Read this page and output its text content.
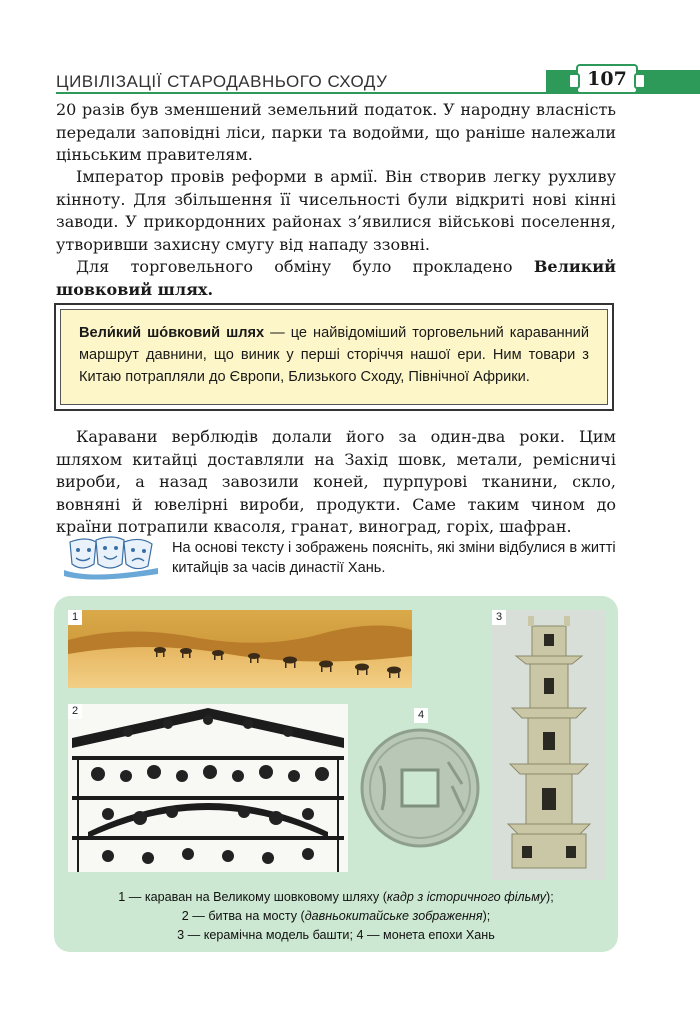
ЦИВІЛІЗАЦІЇ СТАРОДАВНЬОГО СХОДУ	107

20 разів був зменшений земельний податок. У народну власність передали заповідні ліси, парки та водойми, що раніше належали ціньським правителям.

Імператор провів реформи в армії. Він створив легку рухливу кінноту. Для збільшення її чисельності були відкриті нові кінні заводи. У прикордонних районах з’явилися військові поселення, утворивши захисну смугу від нападу ззовні.

Для торговельного обміну було прокладено Великий шовковий шлях.

Вели́кий шо́вковий шлях — це найвідоміший торговельний караванний маршрут давнини, що виник у перші сторіччя нашої ери. Ним товари з Китаю потрапляли до Європи, Близького Сходу, Північної Африки.

Каравани верблюдів долали його за один-два роки. Цим шляхом китайці доставляли на Захід шовк, метали, ремісничі вироби, а назад завозили коней, пурпурові тканини, скло, вовняні й ювелірні вироби, продукти. Саме таким чином до країни потрапили квасоля, гранат, виноград, горіх, шафран.

На основі тексту і зображень поясніть, які зміни відбулися в житті китайців за часів династії Хань.
1
2	4
3
1 — караван на Великому шовковому шляху (кадр з історичного фільму);
2 — битва на мосту (давньокитайське зображення);
3 — керамічна модель башти; 4 — монета епохи Хань
